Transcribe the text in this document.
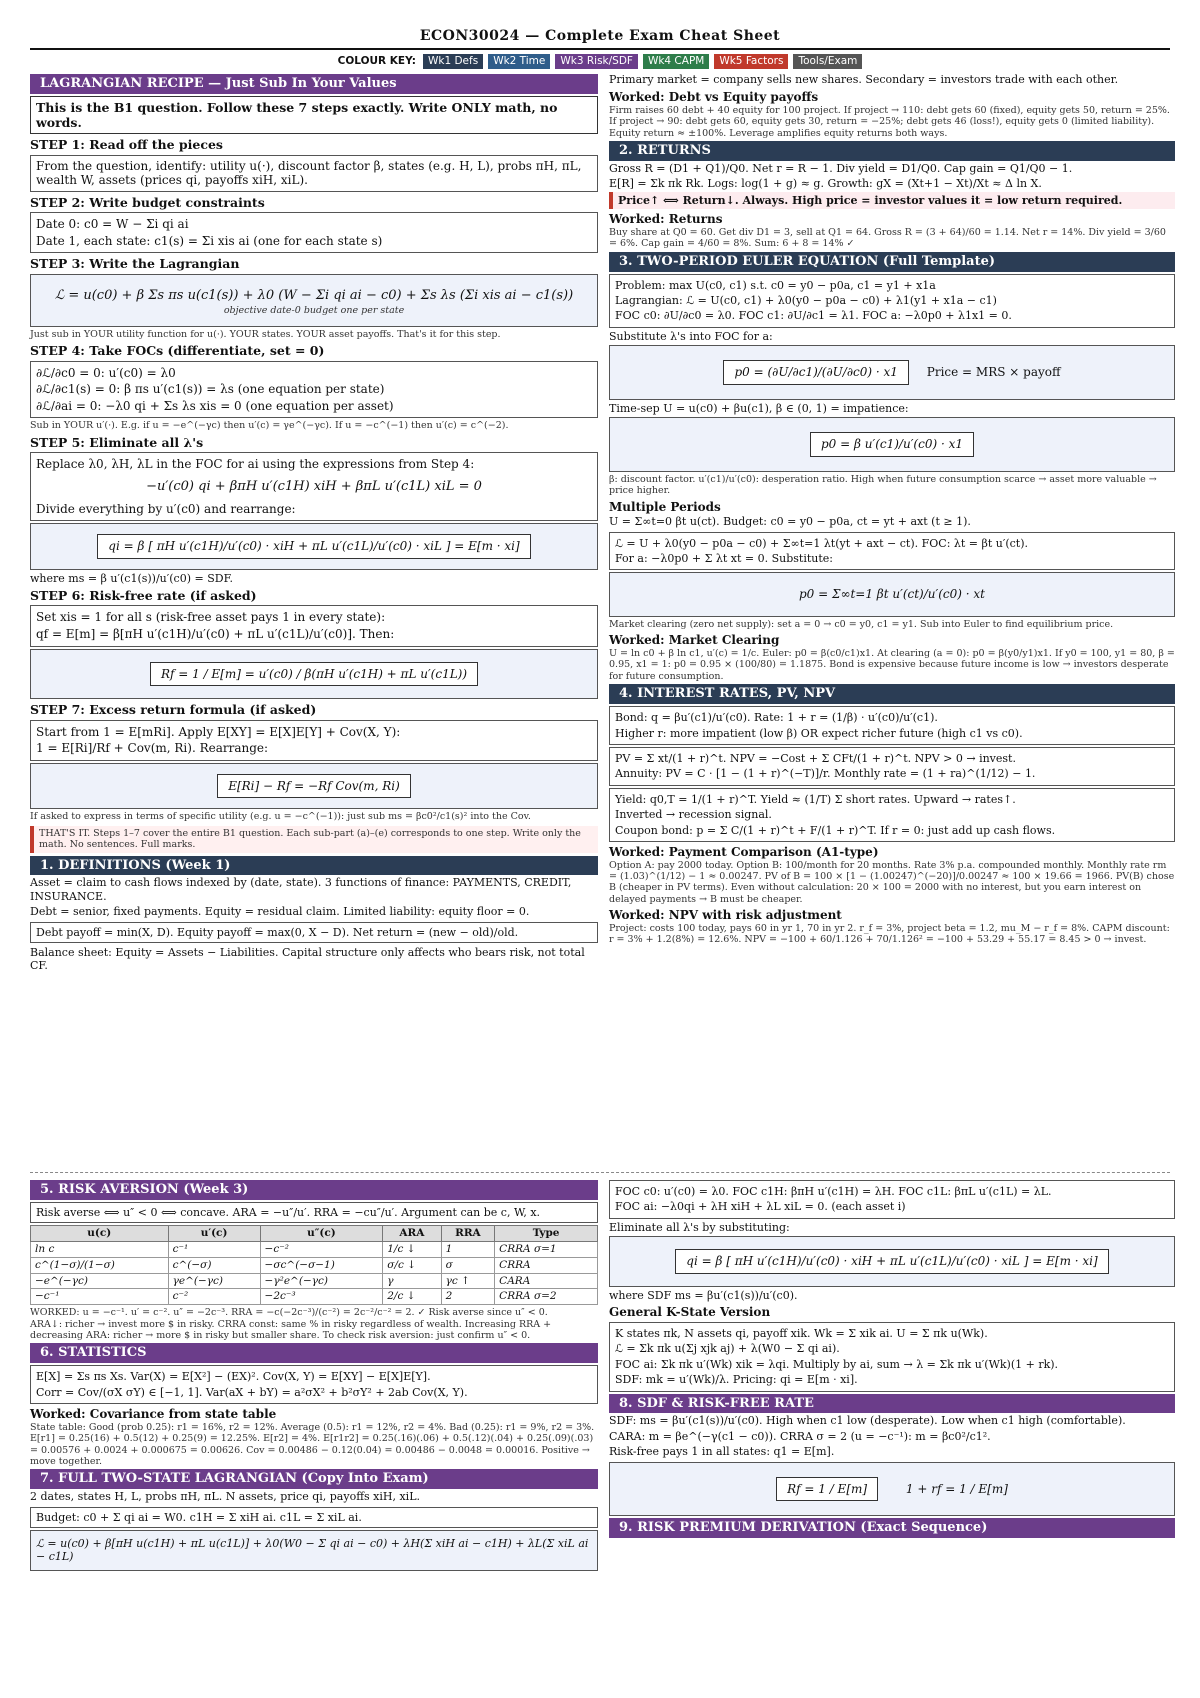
ECON30024 — Complete Exam Cheat Sheet
COLOUR KEY:	Wk1 Defs	Wk2 Time	Wk3 Risk/SDF	Wk4 CAPM	Wk5 Factors	Tools/Exam
LAGRANGIAN RECIPE — Just Sub In Your Values
This is the B1 question. Follow these 7 steps exactly. Write ONLY math, no words.
STEP 1: Read off the pieces
From the question, identify: utility u(·), discount factor β, states (e.g. H, L), probs πH, πL, wealth W, assets (prices qi, payoffs xiH, xiL).
STEP 2: Write budget constraints
Date 0: c0 = W − Σi qi ai
Date 1, each state: c1(s) = Σi xis ai (one for each state s)
STEP 3: Write the Lagrangian
ℒ = u(c0) + β Σs πs u(c1(s)) + λ0 (W − Σi qi ai − c0) + Σs λs (Σi xis ai − c1(s))
objective date-0 budget one per state
Just sub in YOUR utility function for u(·). YOUR states. YOUR asset payoffs. That's it for this step.
STEP 4: Take FOCs (differentiate, set = 0)
∂ℒ/∂c0 = 0: u′(c0) = λ0
∂ℒ/∂c1(s) = 0: β πs u′(c1(s)) = λs (one equation per state)
∂ℒ/∂ai = 0: −λ0 qi + Σs λs xis = 0 (one equation per asset)
Sub in YOUR u′(·). E.g. if u = −e^(−γc) then u′(c) = γe^(−γc). If u = −c^(−1) then u′(c) = c^(−2).
STEP 5: Eliminate all λ's
Replace λ0, λH, λL in the FOC for ai using the expressions from Step 4:
−u′(c0) qi + βπH u′(c1H) xiH + βπL u′(c1L) xiL = 0
Divide everything by u′(c0) and rearrange:
qi = β [ πH u′(c1H)/u′(c0) · xiH + πL u′(c1L)/u′(c0) · xiL ] = E[m · xi]
where ms = β u′(c1(s))/u′(c0) = SDF.
STEP 6: Risk-free rate (if asked)
Set xis = 1 for all s (risk-free asset pays 1 in every state):
qf = E[m] = β[πH u′(c1H)/u′(c0) + πL u′(c1L)/u′(c0)]. Then:
Rf = 1 / E[m] = u′(c0) / β(πH u′(c1H) + πL u′(c1L))
STEP 7: Excess return formula (if asked)
Start from 1 = E[mRi]. Apply E[XY] = E[X]E[Y] + Cov(X, Y):
1 = E[Ri]/Rf + Cov(m, Ri). Rearrange:
E[Ri] − Rf = −Rf Cov(m, Ri)
If asked to express in terms of specific utility (e.g. u = −c^(−1)): just sub ms = βc0²/c1(s)² into the Cov.
THAT'S IT. Steps 1–7 cover the entire B1 question. Each sub-part (a)–(e) corresponds to one step. Write only the math. No sentences. Full marks.
1. DEFINITIONS (Week 1)
Asset = claim to cash flows indexed by (date, state). 3 functions of finance: PAYMENTS, CREDIT, INSURANCE.
Debt = senior, fixed payments. Equity = residual claim. Limited liability: equity floor = 0.
Debt payoff = min(X, D). Equity payoff = max(0, X − D). Net return = (new − old)/old.
Balance sheet: Equity = Assets − Liabilities. Capital structure only affects who bears risk, not total CF.
Primary market = company sells new shares. Secondary = investors trade with each other.
Worked: Debt vs Equity payoffs
Firm raises 60 debt + 40 equity for 100 project. If project → 110: debt gets 60 (fixed), equity gets 50, return = 25%. If project → 90: debt gets 60, equity gets 30, return = −25%; debt gets 46 (loss!), equity gets 0 (limited liability). Equity return ≈ ±100%. Leverage amplifies equity returns both ways.
2. RETURNS
Gross R = (D1 + Q1)/Q0. Net r = R − 1. Div yield = D1/Q0. Cap gain = Q1/Q0 − 1.
E[R] = Σk πk Rk. Logs: log(1 + g) ≈ g. Growth: gX = (Xt+1 − Xt)/Xt ≈ Δ ln X.
Price↑ ⟺ Return↓. Always. High price = investor values it = low return required.
Worked: Returns
Buy share at Q0 = 60. Get div D1 = 3, sell at Q1 = 64. Gross R = (3 + 64)/60 = 1.14. Net r = 14%. Div yield = 3/60 = 6%. Cap gain = 4/60 = 8%. Sum: 6 + 8 = 14% ✓
3. TWO-PERIOD EULER EQUATION (Full Template)
Problem: max U(c0, c1) s.t. c0 = y0 − p0a, c1 = y1 + x1a
Lagrangian: ℒ = U(c0, c1) + λ0(y0 − p0a − c0) + λ1(y1 + x1a − c1)
FOC c0: ∂U/∂c0 = λ0. FOC c1: ∂U/∂c1 = λ1. FOC a: −λ0p0 + λ1x1 = 0.
Substitute λ's into FOC for a:
p0 = (∂U/∂c1)/(∂U/∂c0) · x1 Price = MRS × payoff
Time-sep U = u(c0) + βu(c1), β ∈ (0, 1) = impatience:
p0 = β u′(c1)/u′(c0) · x1
β: discount factor. u′(c1)/u′(c0): desperation ratio. High when future consumption scarce → asset more valuable → price higher.
Multiple Periods
U = Σ∞t=0 βt u(ct). Budget: c0 = y0 − p0a, ct = yt + axt (t ≥ 1).
ℒ = U + λ0(y0 − p0a − c0) + Σ∞t=1 λt(yt + axt − ct). FOC: λt = βt u′(ct).
For a: −λ0p0 + Σ λt xt = 0. Substitute:
p0 = Σ∞t=1 βt u′(ct)/u′(c0) · xt
Market clearing (zero net supply): set a = 0 → c0 = y0, c1 = y1. Sub into Euler to find equilibrium price.
Worked: Market Clearing
U = ln c0 + β ln c1, u′(c) = 1/c. Euler: p0 = β(c0/c1)x1. At clearing (a = 0): p0 = β(y0/y1)x1. If y0 = 100, y1 = 80, β = 0.95, x1 = 1: p0 = 0.95 × (100/80) = 1.1875. Bond is expensive because future income is low → investors desperate for future consumption.
4. INTEREST RATES, PV, NPV
Bond: q = βu′(c1)/u′(c0). Rate: 1 + r = (1/β) · u′(c0)/u′(c1).
Higher r: more impatient (low β) OR expect richer future (high c1 vs c0).
PV = Σ xt/(1 + r)^t. NPV = −Cost + Σ CFt/(1 + r)^t. NPV > 0 → invest.
Annuity: PV = C · [1 − (1 + r)^(−T)]/r. Monthly rate = (1 + ra)^(1/12) − 1.
Yield: q0,T = 1/(1 + r)^T. Yield ≈ (1/T) Σ short rates. Upward → rates↑.
Inverted → recession signal.
Coupon bond: p = Σ C/(1 + r)^t + F/(1 + r)^T. If r = 0: just add up cash flows.
Worked: Payment Comparison (A1-type)
Option A: pay 2000 today. Option B: 100/month for 20 months. Rate 3% p.a. compounded monthly. Monthly rate rm = (1.03)^(1/12) − 1 ≈ 0.00247. PV of B = 100 × [1 − (1.00247)^(−20)]/0.00247 ≈ 100 × 19.66 = 1966. PV(B) chose B (cheaper in PV terms). Even without calculation: 20 × 100 = 2000 with no interest, but you earn interest on delayed payments → B must be cheaper.
Worked: NPV with risk adjustment
Project: costs 100 today, pays 60 in yr 1, 70 in yr 2. r_f = 3%, project beta = 1.2, mu_M − r_f = 8%. CAPM discount: r = 3% + 1.2(8%) = 12.6%. NPV = −100 + 60/1.126 + 70/1.126² = −100 + 53.29 + 55.17 = 8.45 > 0 → invest.
5. RISK AVERSION (Week 3)
Risk averse ⟺ u″ < 0 ⟺ concave. ARA = −u″/u′. RRA = −cu″/u′. Argument can be c, W, x.
u(c)	u′(c)	u″(c)	ARA	RRA	Type
ln c	c⁻¹	−c⁻²	1/c ↓	1	CRRA σ=1
c^(1−σ)/(1−σ)	c^(−σ)	−σc^(−σ−1)	σ/c ↓	σ	CRRA
−e^(−γc)	γe^(−γc)	−γ²e^(−γc)	γ	γc ↑	CARA
−c⁻¹	c⁻²	−2c⁻³	2/c ↓	2	CRRA σ=2
WORKED: u = −c⁻¹. u′ = c⁻². u″ = −2c⁻³. RRA = −c(−2c⁻³)/(c⁻²) = 2c⁻²/c⁻² = 2. ✓ Risk averse since u″ < 0.
ARA↓: richer → invest more $ in risky. CRRA const: same % in risky regardless of wealth. Increasing RRA + decreasing ARA: richer → more $ in risky but smaller share. To check risk aversion: just confirm u″ < 0.
6. STATISTICS
E[X] = Σs πs Xs. Var(X) = E[X²] − (EX)². Cov(X, Y) = E[XY] − E[X]E[Y].
Corr = Cov/(σX σY) ∈ [−1, 1]. Var(aX + bY) = a²σX² + b²σY² + 2ab Cov(X, Y).
Worked: Covariance from state table
State table: Good (prob 0.25): r1 = 16%, r2 = 12%. Average (0.5): r1 = 12%, r2 = 4%. Bad (0.25): r1 = 9%, r2 = 3%. E[r1] = 0.25(16) + 0.5(12) + 0.25(9) = 12.25%. E[r2] = 4%. E[r1r2] = 0.25(.16)(.06) + 0.5(.12)(.04) + 0.25(.09)(.03) = 0.00576 + 0.0024 + 0.000675 = 0.00626. Cov = 0.00486 − 0.12(0.04) = 0.00486 − 0.0048 = 0.00016. Positive → move together.
7. FULL TWO-STATE LAGRANGIAN (Copy Into Exam)
2 dates, states H, L, probs πH, πL. N assets, price qi, payoffs xiH, xiL.
Budget: c0 + Σ qi ai = W0. c1H = Σ xiH ai. c1L = Σ xiL ai.
ℒ = u(c0) + β[πH u(c1H) + πL u(c1L)] + λ0(W0 − Σ qi ai − c0) + λH(Σ xiH ai − c1H) + λL(Σ xiL ai − c1L)
FOC c0: u′(c0) = λ0. FOC c1H: βπH u′(c1H) = λH. FOC c1L: βπL u′(c1L) = λL.
FOC ai: −λ0qi + λH xiH + λL xiL = 0. (each asset i)
Eliminate all λ's by substituting:
qi = β [ πH u′(c1H)/u′(c0) · xiH + πL u′(c1L)/u′(c0) · xiL ] = E[m · xi]
where SDF ms = βu′(c1(s))/u′(c0).
General K-State Version
K states πk, N assets qi, payoff xik. Wk = Σ xik ai. U = Σ πk u(Wk).
ℒ = Σk πk u(Σj xjk aj) + λ(W0 − Σ qi ai).
FOC ai: Σk πk u′(Wk) xik = λqi. Multiply by ai, sum → λ = Σk πk u′(Wk)(1 + rk).
SDF: mk = u′(Wk)/λ. Pricing: qi = E[m · xi].
8. SDF & RISK-FREE RATE
SDF: ms = βu′(c1(s))/u′(c0). High when c1 low (desperate). Low when c1 high (comfortable).
CARA: m = βe^(−γ(c1 − c0)). CRRA σ = 2 (u = −c⁻¹): m = βc0²/c1².
Risk-free pays 1 in all states: q1 = E[m].
Rf = 1 / E[m]	1 + rf = 1 / E[m]
9. RISK PREMIUM DERIVATION (Exact Sequence)
